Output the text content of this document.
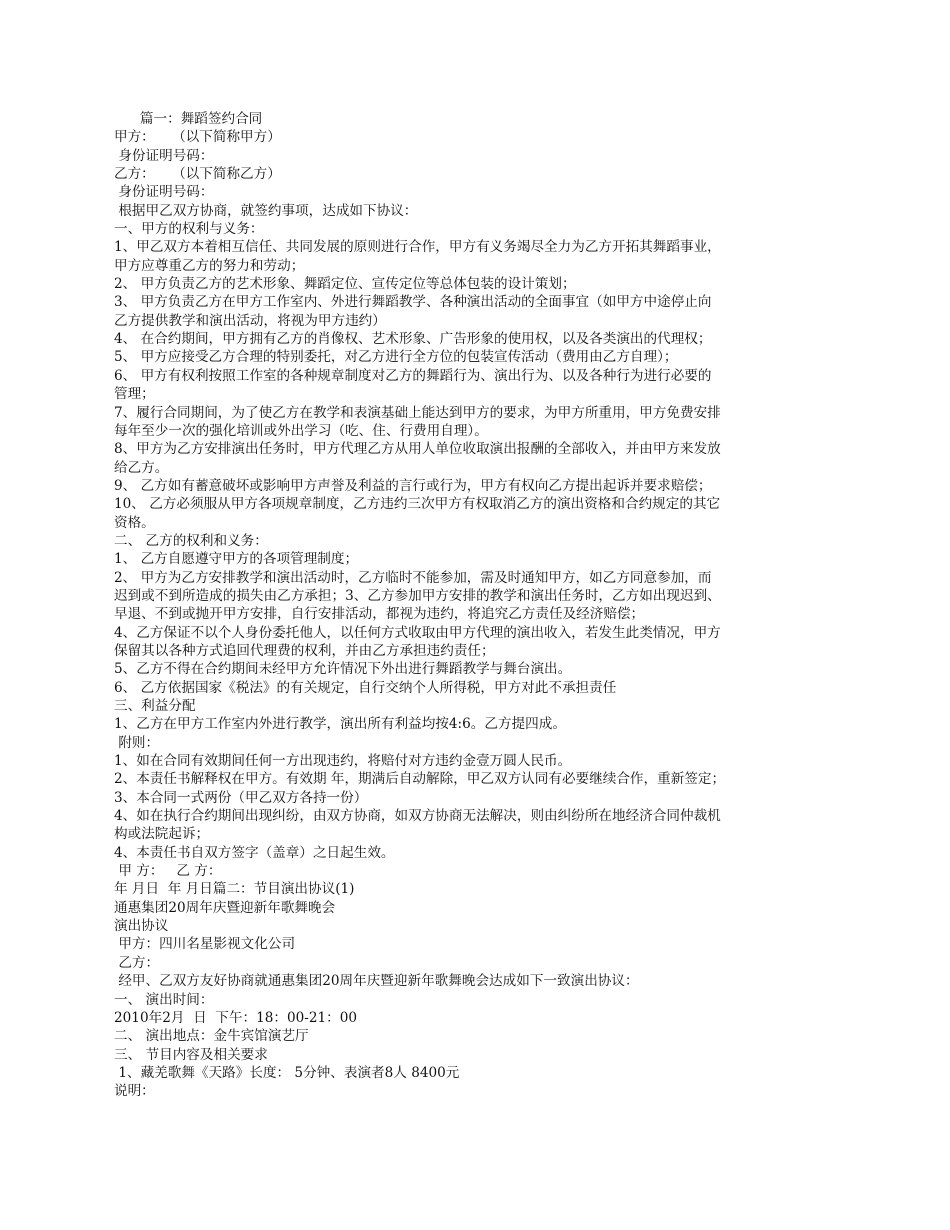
篇一：舞蹈签约合同
甲方：    （以下简称甲方）
身份证明号码：
乙方：    （以下简称乙方）
身份证明号码：
根据甲乙双方协商，就签约事项，达成如下协议：
一、甲方的权利与义务：
1、甲乙双方本着相互信任、共同发展的原则进行合作，甲方有义务竭尽全力为乙方开拓其舞蹈事业，
甲方应尊重乙方的努力和劳动；
2、 甲方负责乙方的艺术形象、舞蹈定位、宣传定位等总体包装的设计策划；
3、 甲方负责乙方在甲方工作室内、外进行舞蹈教学、各种演出活动的全面事宜（如甲方中途停止向
乙方提供教学和演出活动，将视为甲方违约）
4、 在合约期间，甲方拥有乙方的肖像权、艺术形象、广告形象的使用权，以及各类演出的代理权；
5、 甲方应接受乙方合理的特别委托，对乙方进行全方位的包装宣传活动（费用由乙方自理）；
6、 甲方有权利按照工作室的各种规章制度对乙方的舞蹈行为、演出行为、以及各种行为进行必要的
管理；
7、履行合同期间，为了使乙方在教学和表演基础上能达到甲方的要求，为甲方所重用，甲方免费安排
每年至少一次的强化培训或外出学习（吃、住、行费用自理）。
8、甲方为乙方安排演出任务时，甲方代理乙方从用人单位收取演出报酬的全部收入，并由甲方来发放
给乙方。
9、 乙方如有蓄意破坏或影响甲方声誉及利益的言行或行为，甲方有权向乙方提出起诉并要求赔偿；
10、 乙方必须服从甲方各项规章制度，乙方违约三次甲方有权取消乙方的演出资格和合约规定的其它
资格。
二、 乙方的权利和义务：
1、 乙方自愿遵守甲方的各项管理制度；
2、 甲方为乙方安排教学和演出活动时，乙方临时不能参加，需及时通知甲方，如乙方同意参加，而
迟到或不到所造成的损失由乙方承担；3、乙方参加甲方安排的教学和演出任务时，乙方如出现迟到、
早退、不到或抛开甲方安排，自行安排活动，都视为违约，将追究乙方责任及经济赔偿；
4、乙方保证不以个人身份委托他人，以任何方式收取由甲方代理的演出收入，若发生此类情况，甲方
保留其以各种方式追回代理费的权利，并由乙方承担违约责任；
5、乙方不得在合约期间未经甲方允许情况下外出进行舞蹈教学与舞台演出。
6、 乙方依据国家《税法》的有关规定，自行交纳个人所得税，甲方对此不承担责任
三、利益分配
1、乙方在甲方工作室内外进行教学，演出所有利益均按4:6。乙方提四成。
附则：
1、如在合同有效期间任何一方出现违约，将赔付对方违约金壹万圆人民币。
2、本责任书解释权在甲方。有效期 年，期满后自动解除，甲乙双方认同有必要继续合作，重新签定；
3、本合同一式两份（甲乙双方各持一份）
4、如在执行合约期间出现纠纷，由双方协商，如双方协商无法解决，则由纠纷所在地经济合同仲裁机
构或法院起诉；
4、本责任书自双方签字（盖章）之日起生效。
甲 方：   乙 方：
年 月日  年 月日篇二：节目演出协议(1)
通惠集团20周年庆暨迎新年歌舞晚会
演出协议
甲方：四川名星影视文化公司
乙方：
经甲、乙双方友好协商就通惠集团20周年庆暨迎新年歌舞晚会达成如下一致演出协议：
一、 演出时间：
2010年2月  日  下午：18：00-21：00
二、 演出地点：金牛宾馆演艺厅
三、 节目内容及相关要求
1、藏羌歌舞《天路》长度： 5分钟、表演者8人 8400元
说明：
